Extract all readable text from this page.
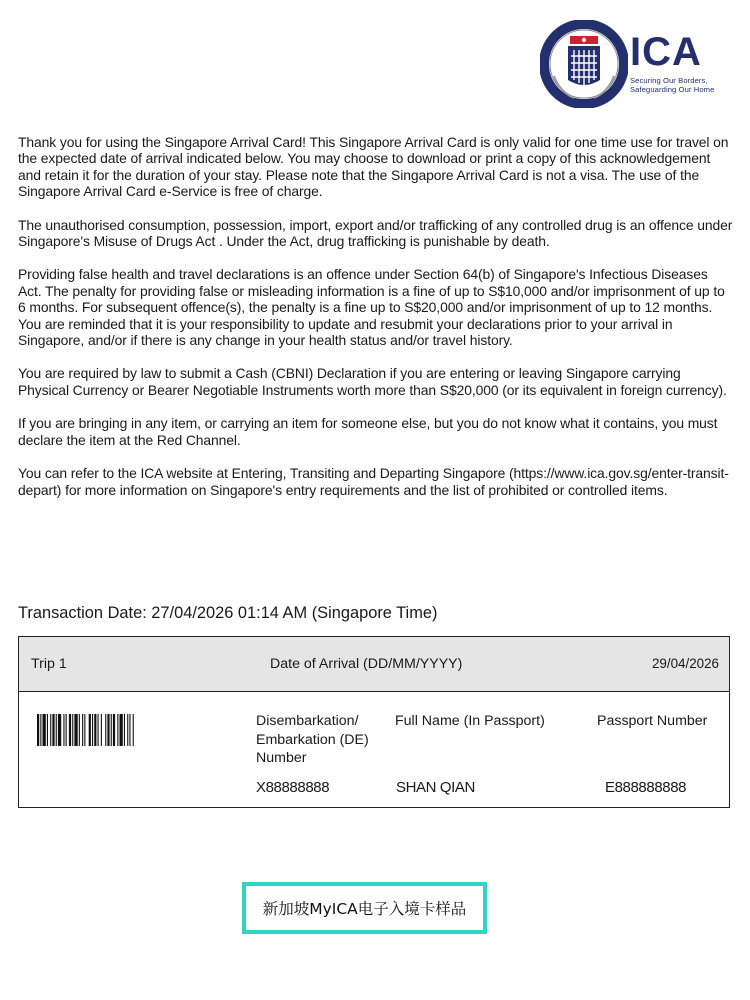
ICA
Securing Our Borders,
Safeguarding Our Home

Thank you for using the Singapore Arrival Card! This Singapore Arrival Card is only valid for one time use for travel on the expected date of arrival indicated below. You may choose to download or print a copy of this acknowledgement and retain it for the duration of your stay. Please note that the Singapore Arrival Card is not a visa. The use of the Singapore Arrival Card e-Service is free of charge.

The unauthorised consumption, possession, import, export and/or trafficking of any controlled drug is an offence under Singapore's Misuse of Drugs Act . Under the Act, drug trafficking is punishable by death.

Providing false health and travel declarations is an offence under Section 64(b) of Singapore's Infectious Diseases Act. The penalty for providing false or misleading information is a fine of up to S$10,000 and/or imprisonment of up to 6 months. For subsequent offence(s), the penalty is a fine up to S$20,000 and/or imprisonment of up to 12 months. You are reminded that it is your responsibility to update and resubmit your declarations prior to your arrival in Singapore, and/or if there is any change in your health status and/or travel history.

You are required by law to submit a Cash (CBNI) Declaration if you are entering or leaving Singapore carrying Physical Currency or Bearer Negotiable Instruments worth more than S$20,000 (or its equivalent in foreign currency).

If you are bringing in any item, or carrying an item for someone else, but you do not know what it contains, you must declare the item at the Red Channel.

You can refer to the ICA website at Entering, Transiting and Departing Singapore (https://www.ica.gov.sg/enter-transit-depart) for more information on Singapore's entry requirements and the list of prohibited or controlled items.

Transaction Date: 27/04/2026 01:14 AM (Singapore Time)
Trip 1	Date of Arrival (DD/MM/YYYY)	29/04/2026
Disembarkation/
Embarkation (DE)
Number
Full Name (In Passport)	Passport Number
X88888888	SHAN QIAN	E888888888
新加坡MyICA电子入境卡样品
